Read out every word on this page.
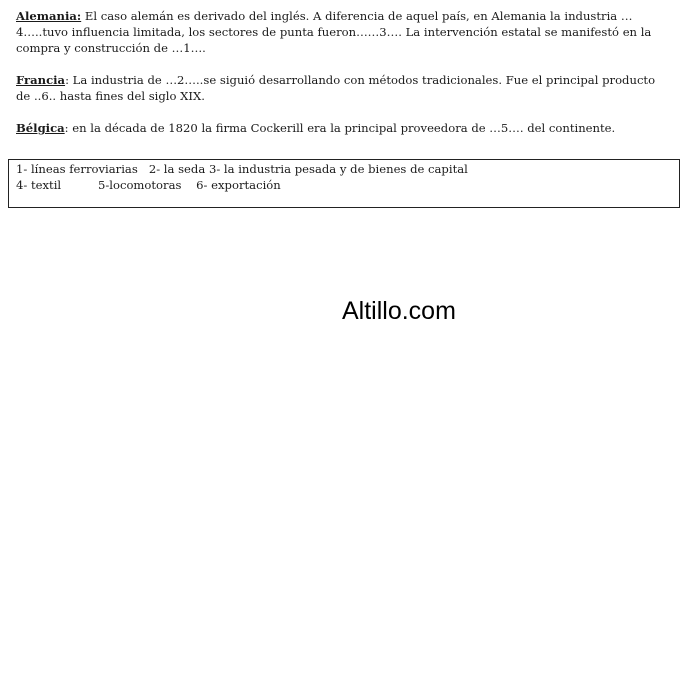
Alemania: El caso alemán es derivado del inglés. A diferencia de aquel país, en Alemania la industria …4…..tuvo influencia limitada, los sectores de punta fueron……3…. La intervención estatal se manifestó en la compra y construcción de …1….

Francia: La industria de …2…..se siguió desarrollando con métodos tradicionales. Fue el principal producto de ..6.. hasta fines del siglo XIX.

Bélgica: en la década de 1820 la firma Cockerill era la principal proveedora de …5…. del continente.

1- líneas ferroviarias   2- la seda 3- la industria pesada y de bienes de capital
4- textil          5-locomotoras    6- exportación
Altillo.com
